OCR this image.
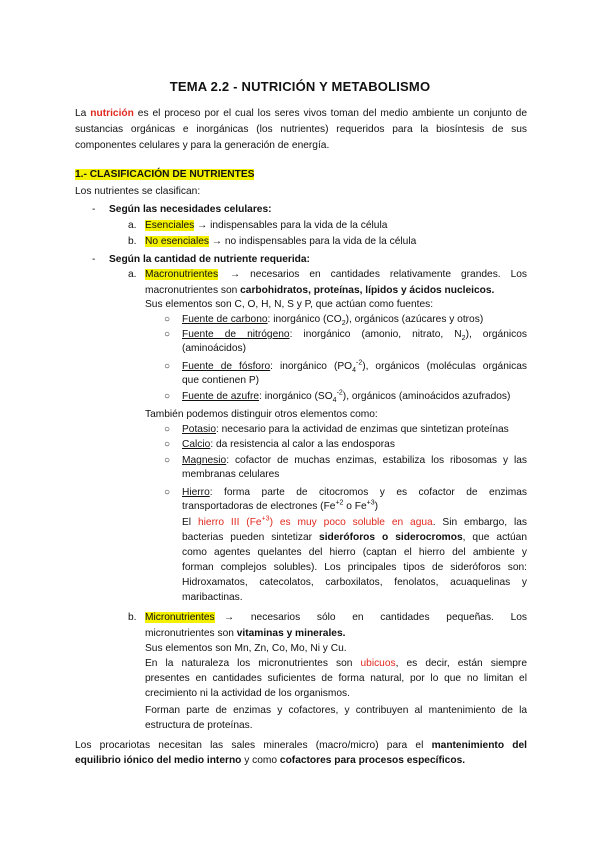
TEMA 2.2 - NUTRICIÓN Y METABOLISMO
La nutrición es el proceso por el cual los seres vivos toman del medio ambiente un conjunto de
sustancias orgánicas e inorgánicas (los nutrientes) requeridos para la biosíntesis de sus
componentes celulares y para la generación de energía.
1.- CLASIFICACIÓN DE NUTRIENTES
Los nutrientes se clasifican:
- Según las necesidades celulares:
a. Esenciales → indispensables para la vida de la célula
b. No esenciales → no indispensables para la vida de la célula
- Según la cantidad de nutriente requerida:
a. Macronutrientes → necesarios en cantidades relativamente grandes. Los
macronutrientes son carbohidratos, proteínas, lípidos y ácidos nucleicos.
Sus elementos son C, O, H, N, S y P, que actúan como fuentes:
○ Fuente de carbono: inorgánico $(CO_2)$, orgánicos (azúcares y otros)
○ Fuente de nitrógeno: inorgánico (amonio, nitrato, $N_2$), orgánicos
(aminoácidos)
○ Fuente de fósforo: inorgánico $(PO_4^{-2})$, orgánicos (moléculas orgánicas
que contienen P)
○ Fuente de azufre: inorgánico $(SO_4^{-2})$, orgánicos (aminoácidos azufrados)
También podemos distinguir otros elementos como:
○ Potasio: necesario para la actividad de enzimas que sintetizan proteínas
○ Calcio: da resistencia al calor a las endosporas
○ Magnesio: cofactor de muchas enzimas, estabiliza los ribosomas y las
membranas celulares
○ Hierro: forma parte de citocromos y es cofactor de enzimas
transportadoras de electrones ($Fe^{+2}$ o $Fe^{+3}$)
El hierro III $(Fe^{+3})$ es muy poco soluble en agua. Sin embargo, las
bacterias pueden sintetizar sideróforos o siderocromos, que actúan
como agentes quelantes del hierro (captan el hierro del ambiente y
forman complejos solubles). Los principales tipos de sideróforos son:
Hidroxamatos, catecolatos, carboxilatos, fenolatos, acuaquelinas y
maribactinas.
b. Micronutrientes → necesarios sólo en cantidades pequeñas. Los
micronutrientes son vitaminas y minerales.
Sus elementos son Mn, Zn, Co, Mo, Ni y Cu.
En la naturaleza los micronutrientes son ubicuos, es decir, están siempre
presentes en cantidades suficientes de forma natural, por lo que no limitan el
crecimiento ni la actividad de los organismos.
Forman parte de enzimas y cofactores, y contribuyen al mantenimiento de la
estructura de proteínas.
Los procariotas necesitan las sales minerales (macro/micro) para el mantenimiento del
equilibrio iónico del medio interno y como cofactores para procesos específicos.
